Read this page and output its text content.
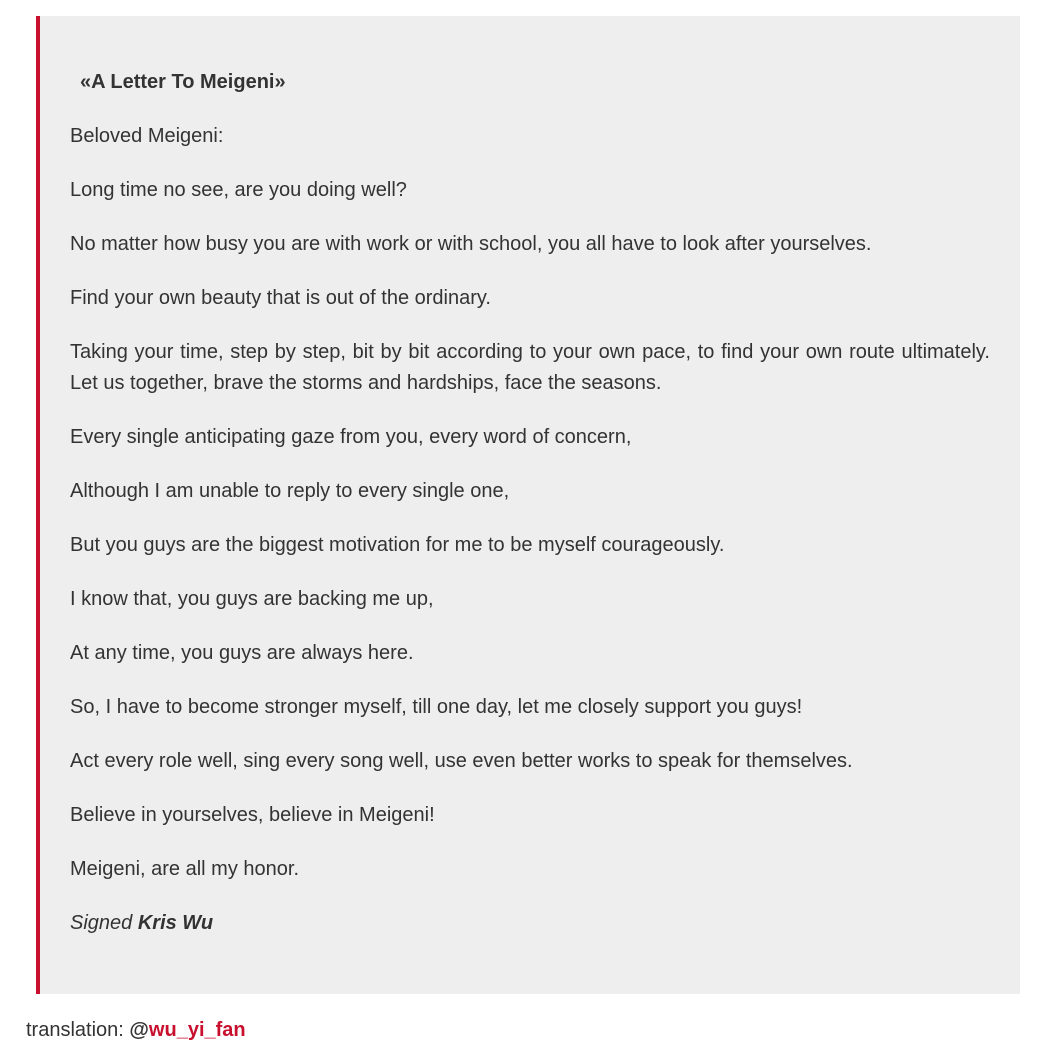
«A Letter To Meigeni»
Beloved Meigeni:
Long time no see, are you doing well?
No matter how busy you are with work or with school, you all have to look after yourselves.
Find your own beauty that is out of the ordinary.
Taking your time, step by step, bit by bit according to your own pace, to find your own route ultimately. Let us together, brave the storms and hardships, face the seasons.
Every single anticipating gaze from you, every word of concern,
Although I am unable to reply to every single one,
But you guys are the biggest motivation for me to be myself courageously.
I know that, you guys are backing me up,
At any time, you guys are always here.
So, I have to become stronger myself, till one day, let me closely support you guys!
Act every role well, sing every song well, use even better works to speak for themselves.
Believe in yourselves, believe in Meigeni!
Meigeni, are all my honor.
Signed Kris Wu
translation: @wu_yi_fan
